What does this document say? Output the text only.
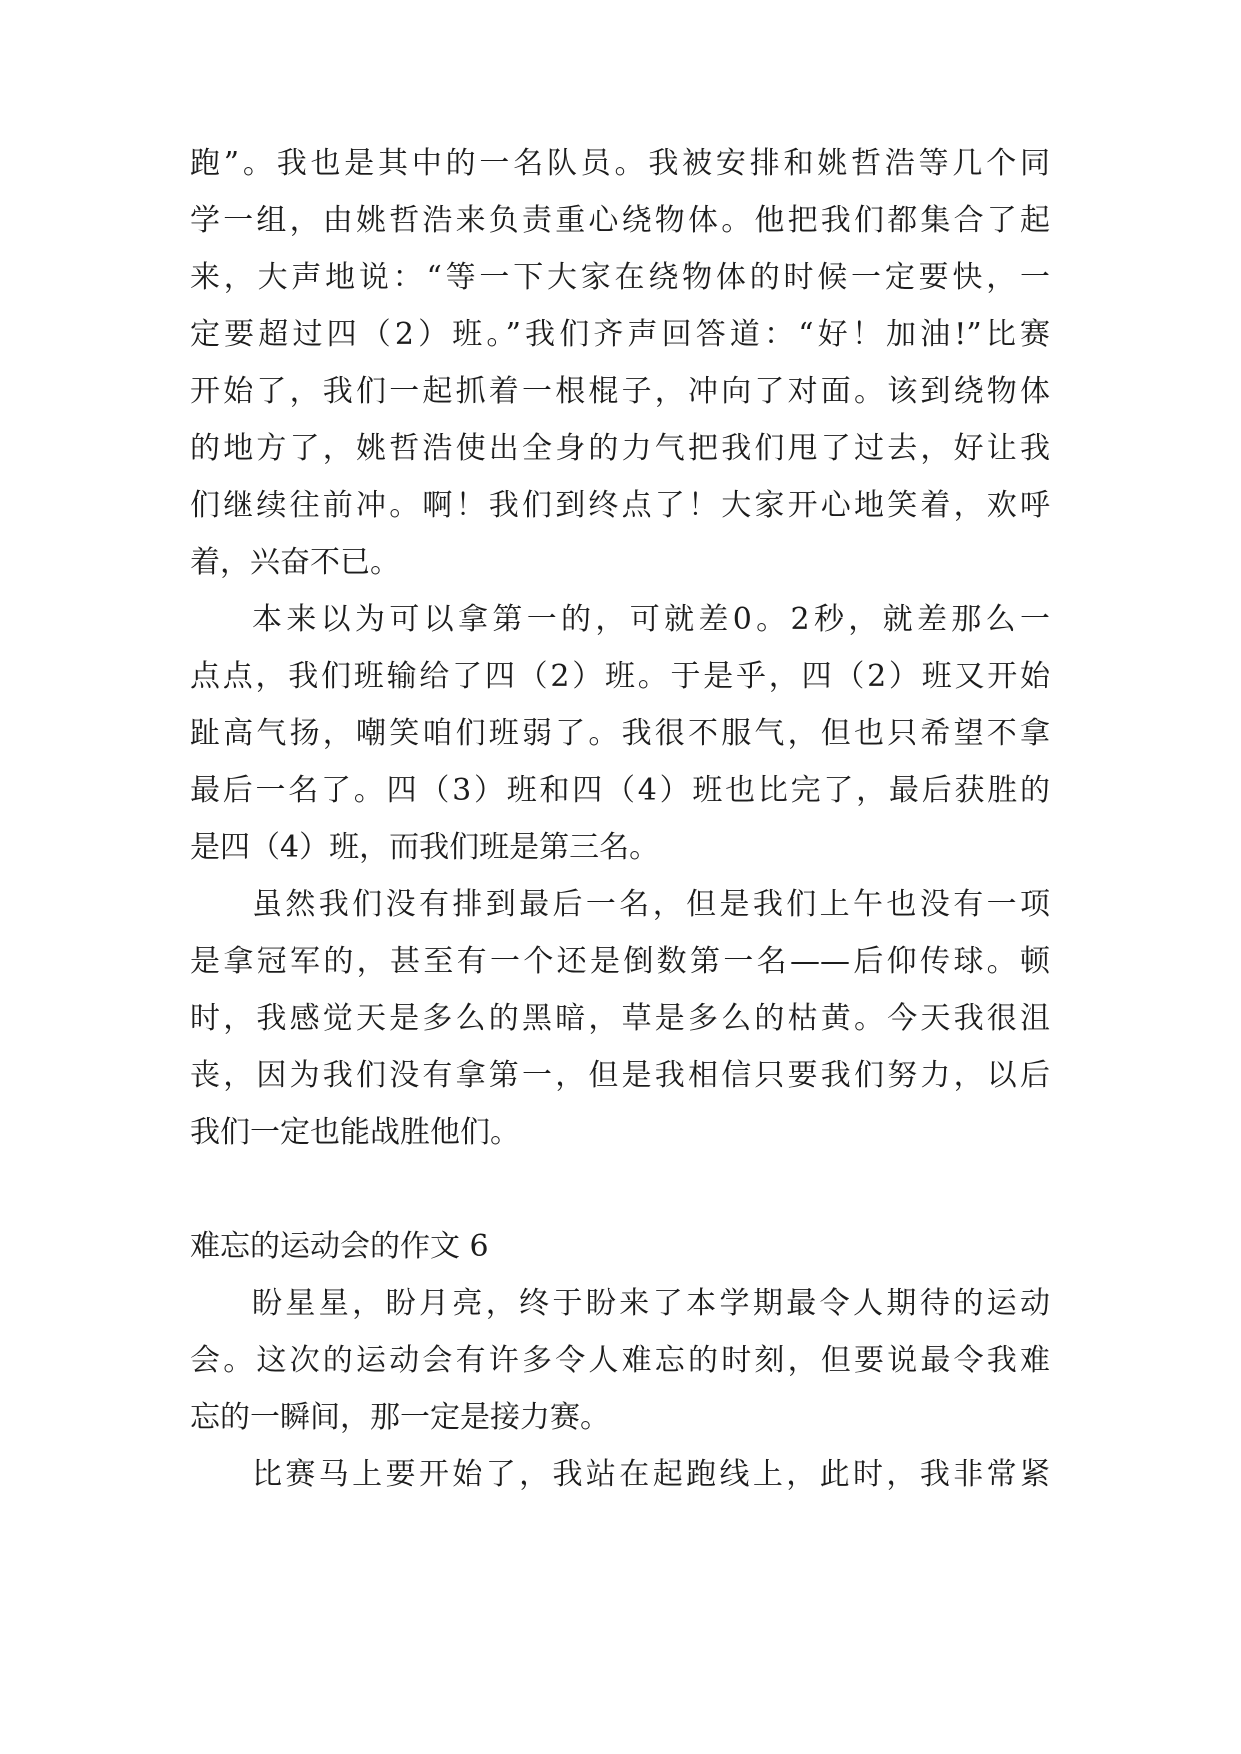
跑”。我也是其中的一名队员。我被安排和姚哲浩等几个同
学一组，由姚哲浩来负责重心绕物体。他把我们都集合了起
来，大声地说：“等一下大家在绕物体的时候一定要快，一
定要超过四（2）班。”我们齐声回答道：“好！加油!”比赛
开始了，我们一起抓着一根棍子，冲向了对面。该到绕物体
的地方了，姚哲浩使出全身的力气把我们甩了过去，好让我
们继续往前冲。啊！我们到终点了！大家开心地笑着，欢呼
着，兴奋不已。
本来以为可以拿第一的，可就差0。2秒，就差那么一
点点，我们班输给了四（2）班。于是乎，四（2）班又开始
趾高气扬，嘲笑咱们班弱了。我很不服气，但也只希望不拿
最后一名了。四（3）班和四（4）班也比完了，最后获胜的
是四（4）班，而我们班是第三名。
虽然我们没有排到最后一名，但是我们上午也没有一项
是拿冠军的，甚至有一个还是倒数第一名——后仰传球。顿
时，我感觉天是多么的黑暗，草是多么的枯黄。今天我很沮
丧，因为我们没有拿第一，但是我相信只要我们努力，以后
我们一定也能战胜他们。
难忘的运动会的作文 6
盼星星，盼月亮，终于盼来了本学期最令人期待的运动
会。这次的运动会有许多令人难忘的时刻，但要说最令我难
忘的一瞬间，那一定是接力赛。
比赛马上要开始了，我站在起跑线上，此时，我非常紧
